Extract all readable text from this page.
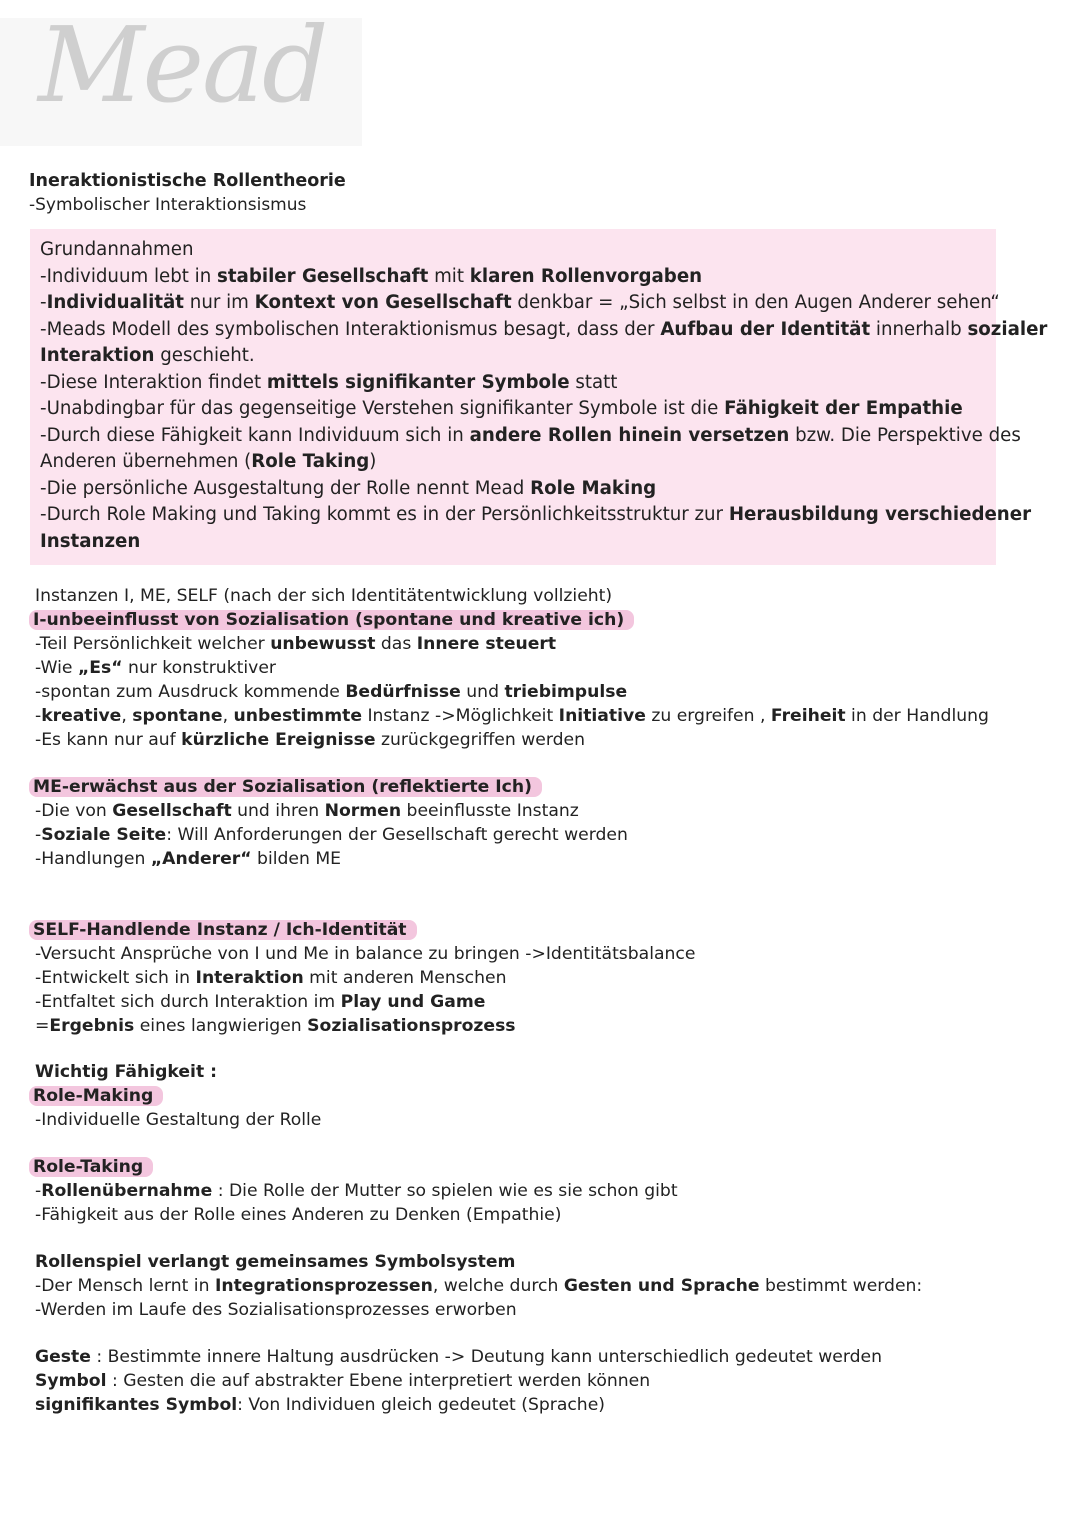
Mead
Ineraktionistische Rollentheorie
-Symbolischer Interaktionsismus
Grundannahmen
-Individuum lebt in stabiler Gesellschaft mit klaren Rollenvorgaben
-Individualität nur im Kontext von Gesellschaft denkbar = „Sich selbst in den Augen Anderer sehen“
-Meads Modell des symbolischen Interaktionismus besagt, dass der Aufbau der Identität innerhalb sozialer
Interaktion geschieht.
-Diese Interaktion findet mittels signifikanter Symbole statt
-Unabdingbar für das gegenseitige Verstehen signifikanter Symbole ist die Fähigkeit der Empathie
-Durch diese Fähigkeit kann Individuum sich in andere Rollen hinein versetzen bzw. Die Perspektive des
Anderen übernehmen (Role Taking)
-Die persönliche Ausgestaltung der Rolle nennt Mead Role Making
-Durch Role Making und Taking kommt es in der Persönlichkeitsstruktur zur Herausbildung verschiedener
Instanzen
Instanzen I, ME, SELF (nach der sich Identitätentwicklung vollzieht)
I-unbeeinflusst von Sozialisation (spontane und kreative ich)
-Teil Persönlichkeit welcher unbewusst das Innere steuert
-Wie „Es“ nur konstruktiver
-spontan zum Ausdruck kommende Bedürfnisse und triebimpulse
-kreative, spontane, unbestimmte Instanz ->Möglichkeit Initiative zu ergreifen , Freiheit in der Handlung
-Es kann nur auf kürzliche Ereignisse zurückgegriffen werden
ME-erwächst aus der Sozialisation (reflektierte Ich)
-Die von Gesellschaft und ihren Normen beeinflusste Instanz
-Soziale Seite: Will Anforderungen der Gesellschaft gerecht werden
-Handlungen „Anderer“ bilden ME
SELF-Handlende Instanz / Ich-Identität
-Versucht Ansprüche von I und Me in balance zu bringen ->Identitätsbalance
-Entwickelt sich in Interaktion mit anderen Menschen
-Entfaltet sich durch Interaktion im Play und Game
=Ergebnis eines langwierigen Sozialisationsprozess
Wichtig Fähigkeit :
Role-Making
-Individuelle Gestaltung der Rolle
Role-Taking
-Rollenübernahme : Die Rolle der Mutter so spielen wie es sie schon gibt
-Fähigkeit aus der Rolle eines Anderen zu Denken (Empathie)
Rollenspiel verlangt gemeinsames Symbolsystem
-Der Mensch lernt in Integrationsprozessen, welche durch Gesten und Sprache bestimmt werden:
-Werden im Laufe des Sozialisationsprozesses erworben
Geste : Bestimmte innere Haltung ausdrücken -> Deutung kann unterschiedlich gedeutet werden
Symbol : Gesten die auf abstrakter Ebene interpretiert werden können
signifikantes Symbol: Von Individuen gleich gedeutet (Sprache)
